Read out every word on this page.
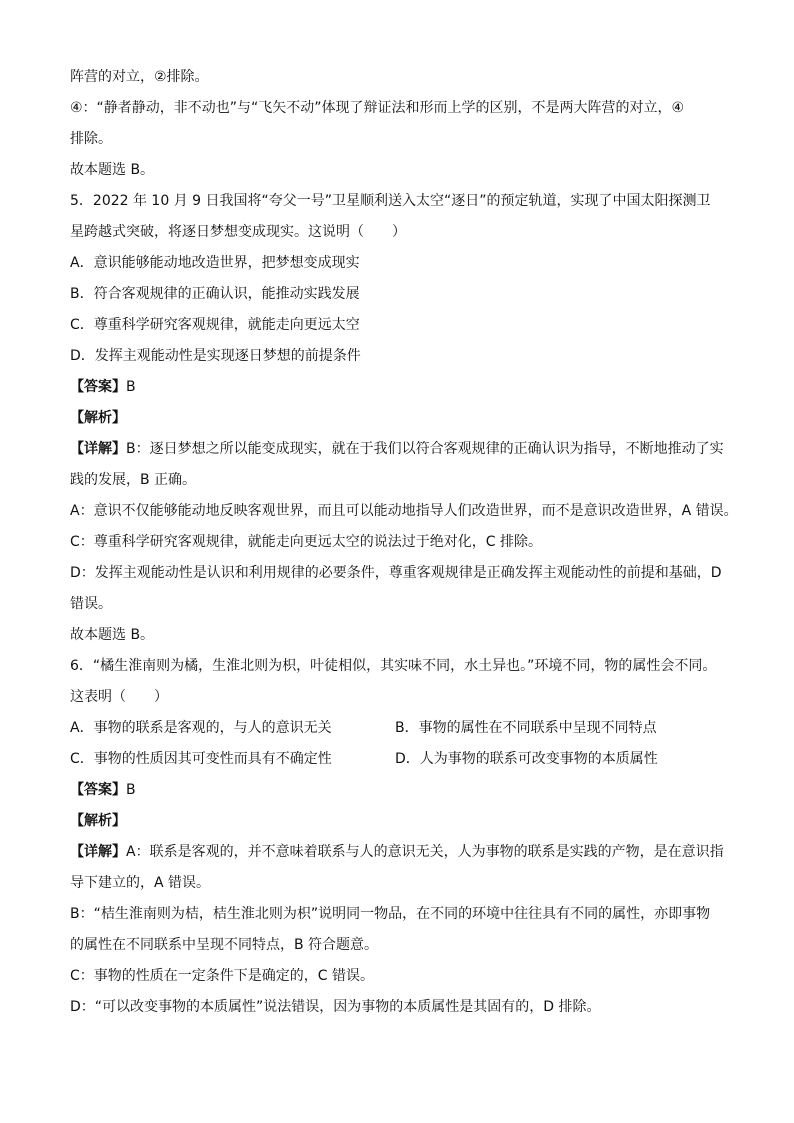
阵营的对立，②排除。
④：“静者静动，非不动也”与“飞矢不动”体现了辩证法和形而上学的区别，不是两大阵营的对立，④
排除。
故本题选 B。
5．2022 年 10 月 9 日我国将“夸父一号”卫星顺利送入太空“逐日”的预定轨道，实现了中国太阳探测卫
星跨越式突破，将逐日梦想变成现实。这说明（　　）
A．意识能够能动地改造世界，把梦想变成现实
B．符合客观规律的正确认识，能推动实践发展
C．尊重科学研究客观规律，就能走向更远太空
D．发挥主观能动性是实现逐日梦想的前提条件
【答案】B
【解析】
【详解】B：逐日梦想之所以能变成现实，就在于我们以符合客观规律的正确认识为指导，不断地推动了实
践的发展，B 正确。
A：意识不仅能够能动地反映客观世界，而且可以能动地指导人们改造世界，而不是意识改造世界，A 错误。
C：尊重科学研究客观规律，就能走向更远太空的说法过于绝对化，C 排除。
D：发挥主观能动性是认识和利用规律的必要条件，尊重客观规律是正确发挥主观能动性的前提和基础，D
错误。
故本题选 B。
6．“橘生淮南则为橘，生淮北则为枳，叶徒相似，其实味不同，水土异也。”环境不同，物的属性会不同。
这表明（　　）
A．事物的联系是客观的，与人的意识无关	B．事物的属性在不同联系中呈现不同特点
C．事物的性质因其可变性而具有不确定性	D．人为事物的联系可改变事物的本质属性
【答案】B
【解析】
【详解】A：联系是客观的，并不意味着联系与人的意识无关，人为事物的联系是实践的产物，是在意识指
导下建立的，A 错误。
B：“桔生淮南则为桔，桔生淮北则为枳”说明同一物品，在不同的环境中往往具有不同的属性，亦即事物
的属性在不同联系中呈现不同特点，B 符合题意。
C：事物的性质在一定条件下是确定的，C 错误。
D：“可以改变事物的本质属性”说法错误，因为事物的本质属性是其固有的，D 排除。
